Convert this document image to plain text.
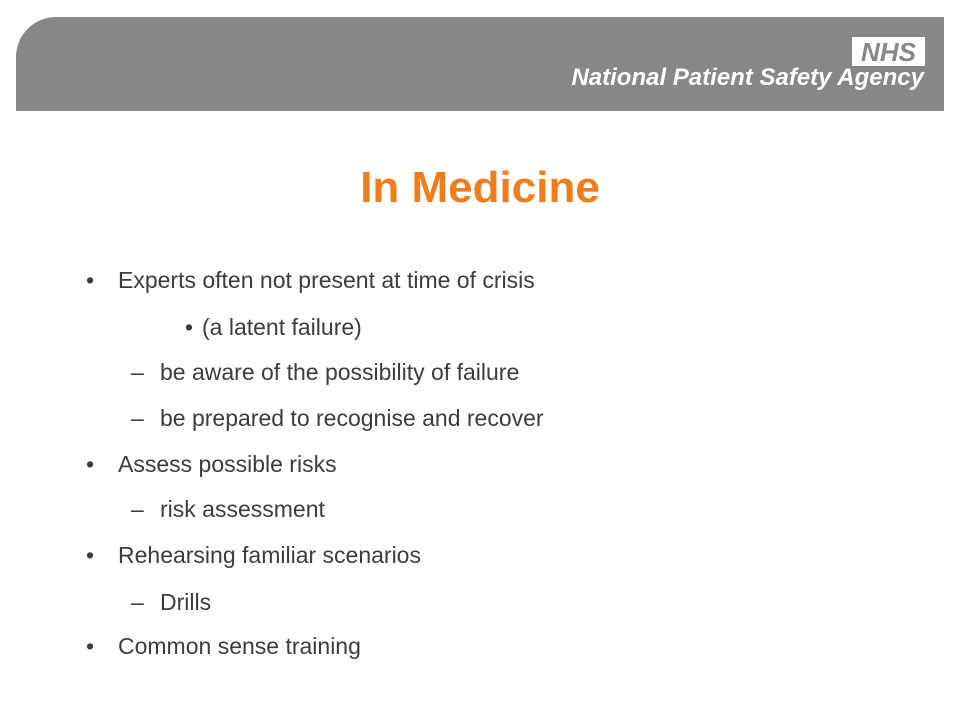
NHS
National Patient Safety Agency
In Medicine
• Experts often not present at time of crisis
• (a latent failure)
– be aware of the possibility of failure
– be prepared to recognise and recover
• Assess possible risks
– risk assessment
• Rehearsing familiar scenarios
– Drills
• Common sense training
